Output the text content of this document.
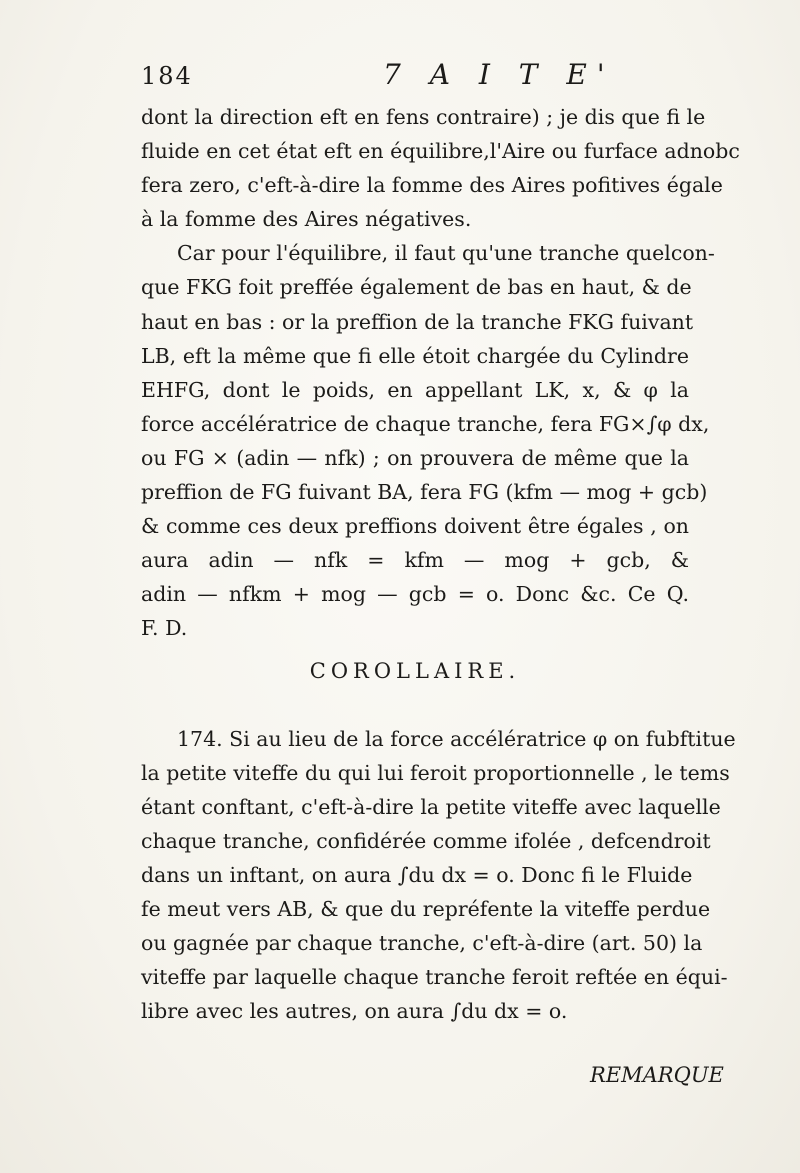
184	7 A I T E'
dont la direction eft en fens contraire) ; je dis que fi le
fluide en cet état eft en équilibre,l'Aire ou furface adnobc
fera zero, c'eft-à-dire la fomme des Aires pofitives égale
à la fomme des Aires négatives.
Car pour l'équilibre, il faut qu'une tranche quelcon-
que FKG foit preffée également de bas en haut, & de
haut en bas : or la preffion de la tranche FKG fuivant
LB, eft la même que fi elle étoit chargée du Cylindre
EHFG, dont le poids, en appellant LK, x, & φ la
force accélératrice de chaque tranche, fera FG×∫φ dx,
ou FG × (adin — nfk) ; on prouvera de même que la
preffion de FG fuivant BA, fera FG (kfm — mog + gcb)
& comme ces deux preffions doivent être égales , on
aura adin — nfk = kfm — mog + gcb, &
adin — nfkm + mog — gcb = o. Donc &c. Ce Q.
F. D.
COROLLAIRE.
174. Si au lieu de la force accélératrice φ on fubftitue
la petite viteffe du qui lui feroit proportionnelle , le tems
étant conftant, c'eft-à-dire la petite viteffe avec laquelle
chaque tranche, confidérée comme ifolée , defcendroit
dans un inftant, on aura ∫du dx = o. Donc fi le Fluide
fe meut vers AB, & que du repréfente la viteffe perdue
ou gagnée par chaque tranche, c'eft-à-dire (art. 50) la
viteffe par laquelle chaque tranche feroit reftée en équi-
libre avec les autres, on aura ∫du dx = o.
REMARQUE
